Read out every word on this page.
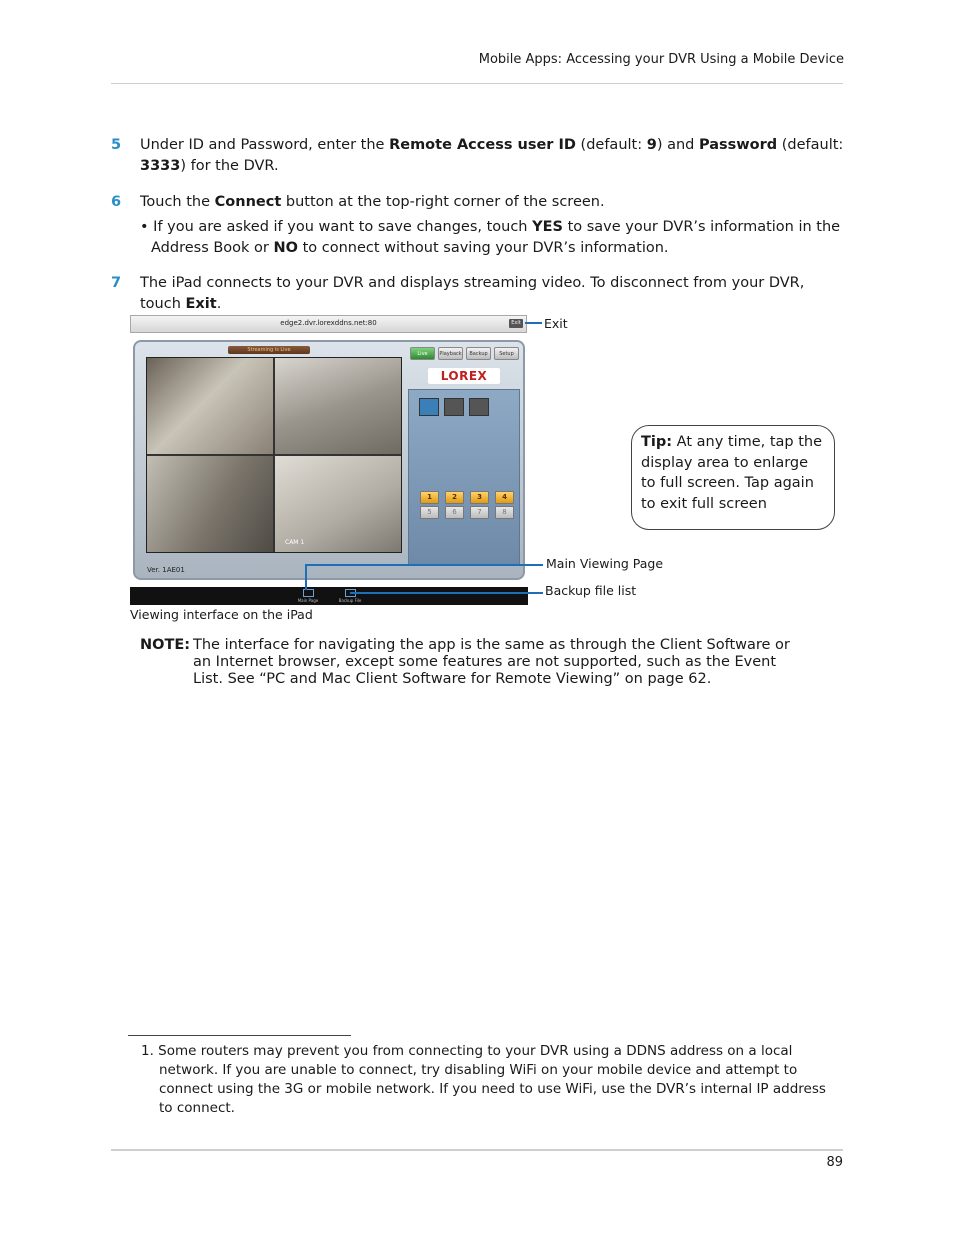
Mobile Apps: Accessing your DVR Using a Mobile Device
5 Under ID and Password, enter the Remote Access user ID (default: 9) and Password (default: 3333) for the DVR.
6 Touch the Connect button at the top-right corner of the screen.
• If you are asked if you want to save changes, touch YES to save your DVR’s information in the Address Book or NO to connect without saving your DVR’s information.
7 The iPad connects to your DVR and displays streaming video. To disconnect from your DVR, touch Exit.
edge2.dvr.lorexddns.net:80	Exit
Streaming is Live
CAM 1
Ver. 1AE01
Live	Playback	Backup	Setup
LOREX
1	2	3	4
5	6	7	8
Main Page	Backup File
Exit
Main Viewing Page
Backup file list
Viewing interface on the iPad
Tip: At any time, tap the display area to enlarge to full screen. Tap again to exit full screen
NOTE: The interface for navigating the app is the same as through the Client Software or
an Internet browser, except some features are not supported, such as the Event
List. See “PC and Mac Client Software for Remote Viewing” on page 62.
1. Some routers may prevent you from connecting to your DVR using a DDNS address on a local
network. If you are unable to connect, try disabling WiFi on your mobile device and attempt to
connect using the 3G or mobile network. If you need to use WiFi, use the DVR’s internal IP address
to connect.
89
